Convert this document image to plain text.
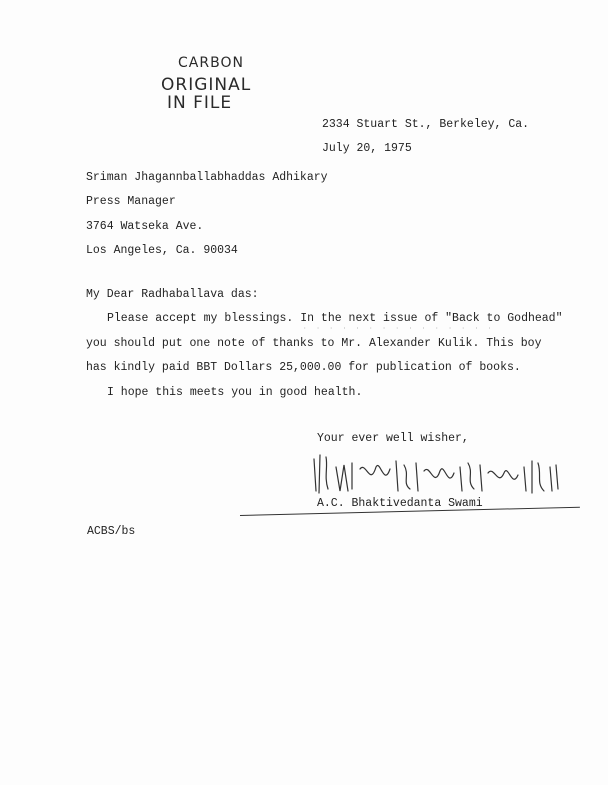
CARBON
ORIGINAL
IN FILE
2334 Stuart St., Berkeley, Ca.
July 20, 1975
Sriman Jhagannballabhaddas Adhikary
Press Manager
3764 Watseka Ave.
Los Angeles, Ca. 90034
My Dear Radhaballava das:
Please accept my blessings. In the next issue of "Back to Godhead"
· · · · · · · · · · · · · · ·
you should put one note of thanks to Mr. Alexander Kulik. This boy
has kindly paid BBT Dollars 25,000.00 for publication of books.
I hope this meets you in good health.
Your ever well wisher,
A.C. Bhaktivedanta Swami
ACBS/bs
